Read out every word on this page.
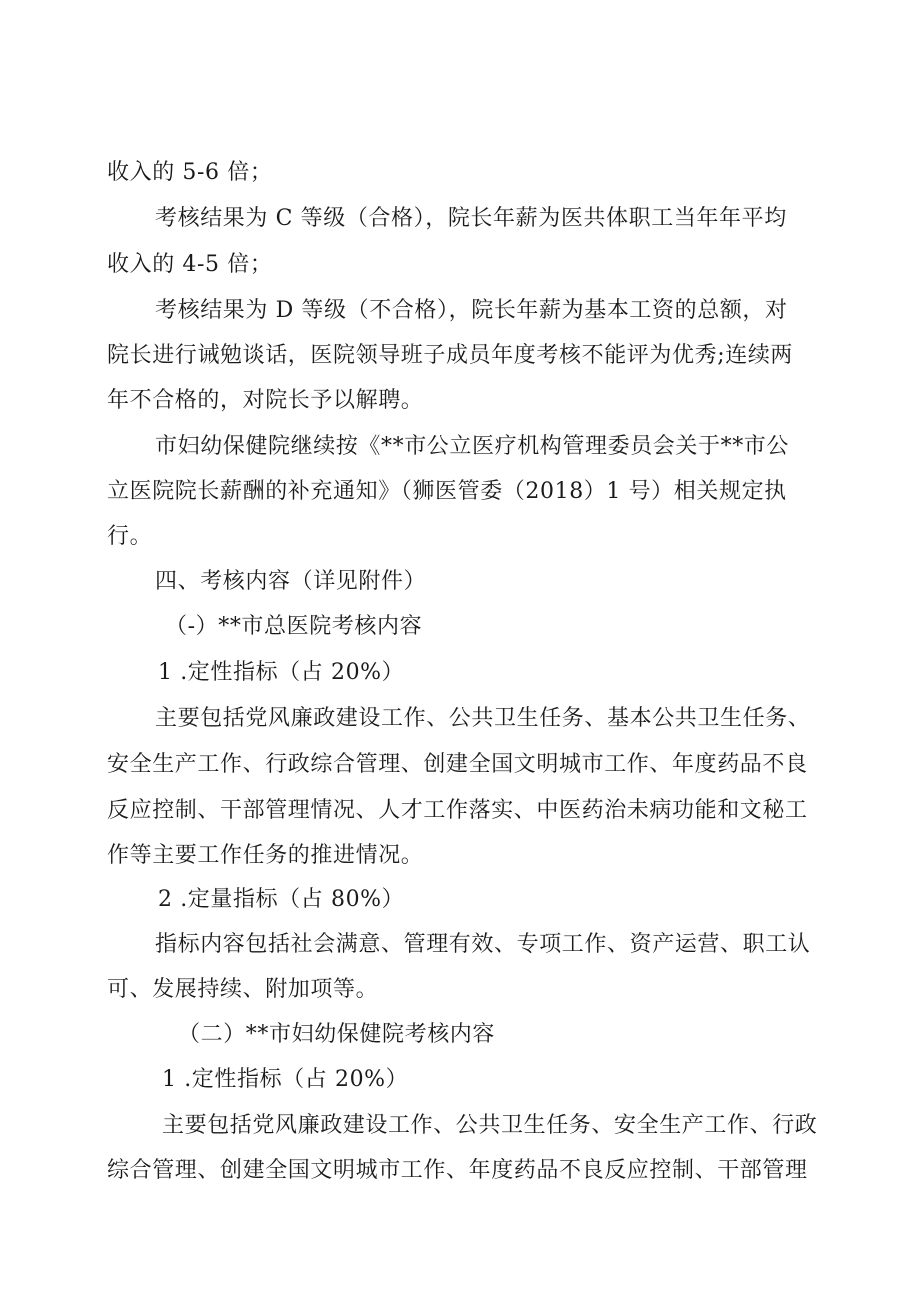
收入的 5-6 倍；
考核结果为 C 等级（合格），院长年薪为医共体职工当年年平均
收入的 4-5 倍；
考核结果为 D 等级（不合格），院长年薪为基本工资的总额，对
院长进行诫勉谈话，医院领导班子成员年度考核不能评为优秀;连续两
年不合格的，对院长予以解聘。
市妇幼保健院继续按《**市公立医疗机构管理委员会关于**市公
立医院院长薪酬的补充通知》（狮医管委（2018）1 号）相关规定执
行。
四、考核内容（详见附件）
（-）**市总医院考核内容
1 .定性指标（占 20%）
主要包括党风廉政建设工作、公共卫生任务、基本公共卫生任务、
安全生产工作、行政综合管理、创建全国文明城市工作、年度药品不良
反应控制、干部管理情况、人才工作落实、中医药治未病功能和文秘工
作等主要工作任务的推进情况。
2 .定量指标（占 80%）
指标内容包括社会满意、管理有效、专项工作、资产运营、职工认
可、发展持续、附加项等。
（二）**市妇幼保健院考核内容
1 .定性指标（占 20%）
主要包括党风廉政建设工作、公共卫生任务、安全生产工作、行政
综合管理、创建全国文明城市工作、年度药品不良反应控制、干部管理
